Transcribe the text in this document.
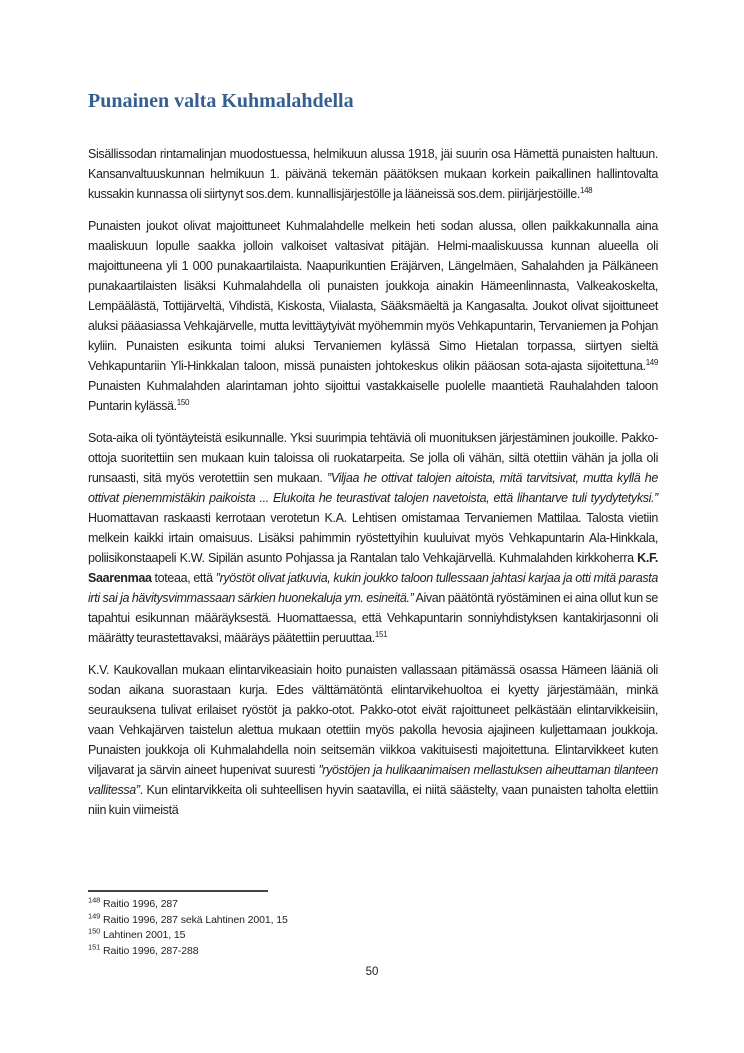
Punainen valta Kuhmalahdella

Sisällissodan rintamalinjan muodostuessa, helmikuun alussa 1918, jäi suurin osa Hämettä punaisten haltuun. Kansanvaltuuskunnan helmikuun 1. päivänä tekemän päätöksen mukaan korkein paikallinen hallintovalta kussakin kunnassa oli siirtynyt sos.dem. kunnallisjärjestölle ja lääneissä sos.dem. piirijärjestöille.$^{148}$

Punaisten joukot olivat majoittuneet Kuhmalahdelle melkein heti sodan alussa, ollen paikkakunnalla aina maaliskuun lopulle saakka jolloin valkoiset valtasivat pitäjän. Helmi-maaliskuussa kunnan alueella oli majoittuneena yli 1 000 punakaartilaista. Naapurikuntien Eräjärven, Längelmäen, Sahalahden ja Pälkäneen punakaartilaisten lisäksi Kuhmalahdella oli punaisten joukkoja ainakin Hämeenlinnasta, Valkeakoskelta, Lempäälästä, Tottijärveltä, Vihdistä, Kiskosta, Viialasta, Sääksmäeltä ja Kangasalta. Joukot olivat sijoittuneet aluksi pääasiassa Vehkajärvelle, mutta levittäytyivät myöhemmin myös Vehkapuntarin, Tervaniemen ja Pohjan kyliin. Punaisten esikunta toimi aluksi Tervaniemen kylässä Simo Hietalan torpassa, siirtyen sieltä Vehkapuntariin Yli-Hinkkalan taloon, missä punaisten johtokeskus olikin pääosan sota-ajasta sijoitettuna.$^{149}$ Punaisten Kuhmalahden alarintaman johto sijoittui vastakkaiselle puolelle maantietä Rauhalahden taloon Puntarin kylässä.$^{150}$

Sota-aika oli työntäyteistä esikunnalle. Yksi suurimpia tehtäviä oli muonituksen järjestäminen joukoille. Pakko-ottoja suoritettiin sen mukaan kuin taloissa oli ruokatarpeita. Se jolla oli vähän, siltä otettiin vähän ja jolla oli runsaasti, sitä myös verotettiin sen mukaan. ”Viljaa he ottivat talojen aitoista, mitä tarvitsivat, mutta kyllä he ottivat pienemmistäkin paikoista ... Elukoita he teurastivat talojen navetoista, että lihantarve tuli tyydytetyksi.” Huomattavan raskaasti kerrotaan verotetun K.A. Lehtisen omistamaa Tervaniemen Mattilaa. Talosta vietiin melkein kaikki irtain omaisuus. Lisäksi pahimmin ryöstettyihin kuuluivat myös Vehkapuntarin Ala-Hinkkala, poliisikonstaapeli K.W. Sipilän asunto Pohjassa ja Rantalan talo Vehkajärvellä. Kuhmalahden kirkkoherra K.F. Saarenmaa toteaa, että ”ryöstöt olivat jatkuvia, kukin joukko taloon tullessaan jahtasi karjaa ja otti mitä parasta irti sai ja hävitysvimmassaan särkien huonekaluja ym. esineitä.” Aivan päätöntä ryöstäminen ei aina ollut kun se tapahtui esikunnan määräyksestä. Huomattaessa, että Vehkapuntarin sonniyhdistyksen kantakirjasonni oli määrätty teurastettavaksi, määräys päätettiin peruuttaa.$^{151}$

K.V. Kaukovallan mukaan elintarvikeasiain hoito punaisten vallassaan pitämässä osassa Hämeen lääniä oli sodan aikana suorastaan kurja. Edes välttämätöntä elintarvikehuoltoa ei kyetty järjestämään, minkä seurauksena tulivat erilaiset ryöstöt ja pakko-otot. Pakko-otot eivät rajoittuneet pelkästään elintarvikkeisiin, vaan Vehkajärven taistelun alettua mukaan otettiin myös pakolla hevosia ajajineen kuljettamaan joukkoja. Punaisten joukkoja oli Kuhmalahdella noin seitsemän viikkoa vakituisesti majoitettuna. Elintarvikkeet kuten viljavarat ja särvin aineet hupenivat suuresti ”ryöstöjen ja hulikaanimaisen mellastuksen aiheuttaman tilanteen vallitessa”. Kun elintarvikkeita oli suhteellisen hyvin saatavilla, ei niitä säästelty, vaan punaisten taholta elettiin niin kuin viimeistä

$^{148}$ Raitio 1996, 287
$^{149}$ Raitio 1996, 287 sekä Lahtinen 2001, 15
$^{150}$ Lahtinen 2001, 15
$^{151}$ Raitio 1996, 287-288
50
